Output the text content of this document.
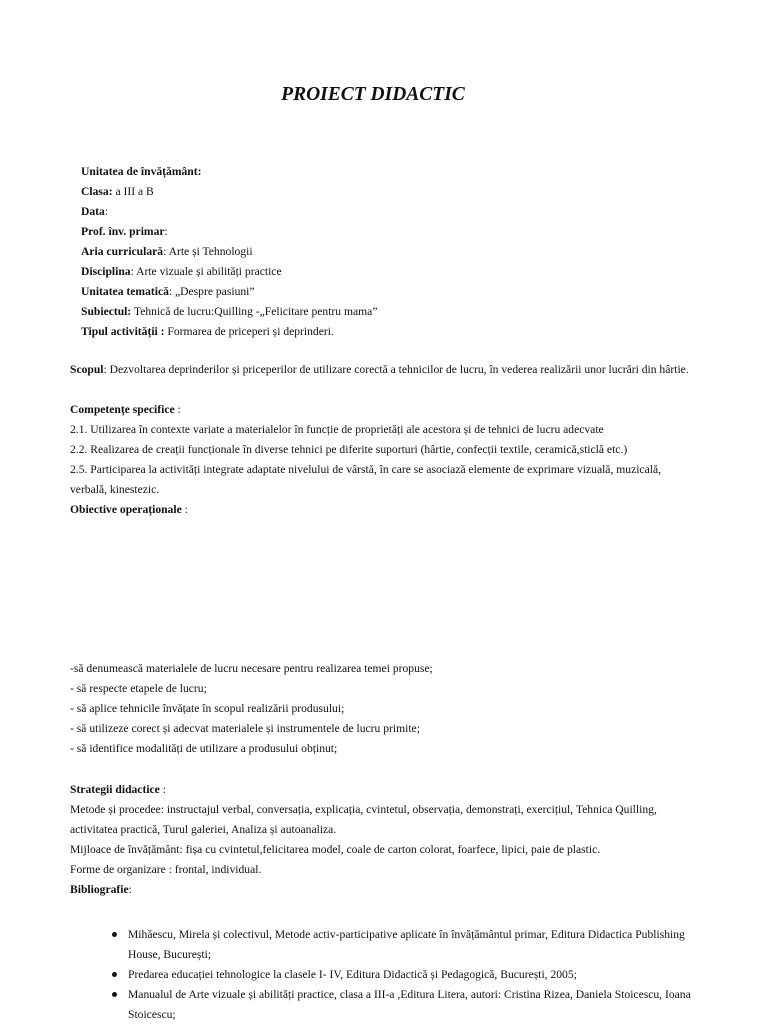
PROIECT DIDACTIC
Unitatea de învățământ:
Clasa: a III a B
Data:
Prof. înv. primar:
Aria curriculară: Arte și Tehnologii
Disciplina: Arte vizuale și abilități practice
Unitatea tematică: „Despre pasiuni”
Subiectul: Tehnică de lucru:Quilling -„Felicitare pentru mama”
Tipul activității : Formarea de priceperi și deprinderi.
Scopul: Dezvoltarea deprinderilor și priceperilor de utilizare corectă a tehnicilor de lucru, în vederea realizării unor lucrări din hârtie.
Competențe specifice :
2.1. Utilizarea în contexte variate a materialelor în funcție de proprietăți ale acestora și de tehnici de lucru adecvate
2.2. Realizarea de creații funcționale în diverse tehnici pe diferite suporturi (hârtie, confecții textile, ceramică,sticlă etc.)
2.5. Participarea la activități integrate adaptate nivelului de vârstă, în care se asociază elemente de exprimare vizuală, muzicală,
verbală, kinestezic.
Obiective operaționale :
-să denumească materialele de lucru necesare pentru realizarea temei propuse;
- să respecte etapele de lucru;
- să aplice tehnicile învățate în scopul realizării produsului;
- să utilizeze corect și adecvat materialele și instrumentele de lucru primite;
- să identifice modalități de utilizare a produsului obținut;
Strategii didactice :
Metode și procedee: instructajul verbal, conversația, explicația, cvintetul, observația, demonstrați, exercițiul, Tehnica Quilling,
activitatea practică, Turul galeriei, Analiza și autoanaliza.
Mijloace de învățământ: fișa cu cvintetul,felicitarea model, coale de carton colorat, foarfece, lipici, paie de plastic.
Forme de organizare : frontal, individual.
Bibliografie:
Mihăescu, Mirela și colectivul, Metode activ-participative aplicate în învățământul primar, Editura Didactica Publishing House, București;
Predarea educației tehnologice la clasele I- IV, Editura Didactică și Pedagogică, București, 2005;
Manualul de Arte vizuale și abilități practice, clasa a III-a ,Editura Litera, autori: Cristina Rizea, Daniela Stoicescu, Ioana Stoicescu;
